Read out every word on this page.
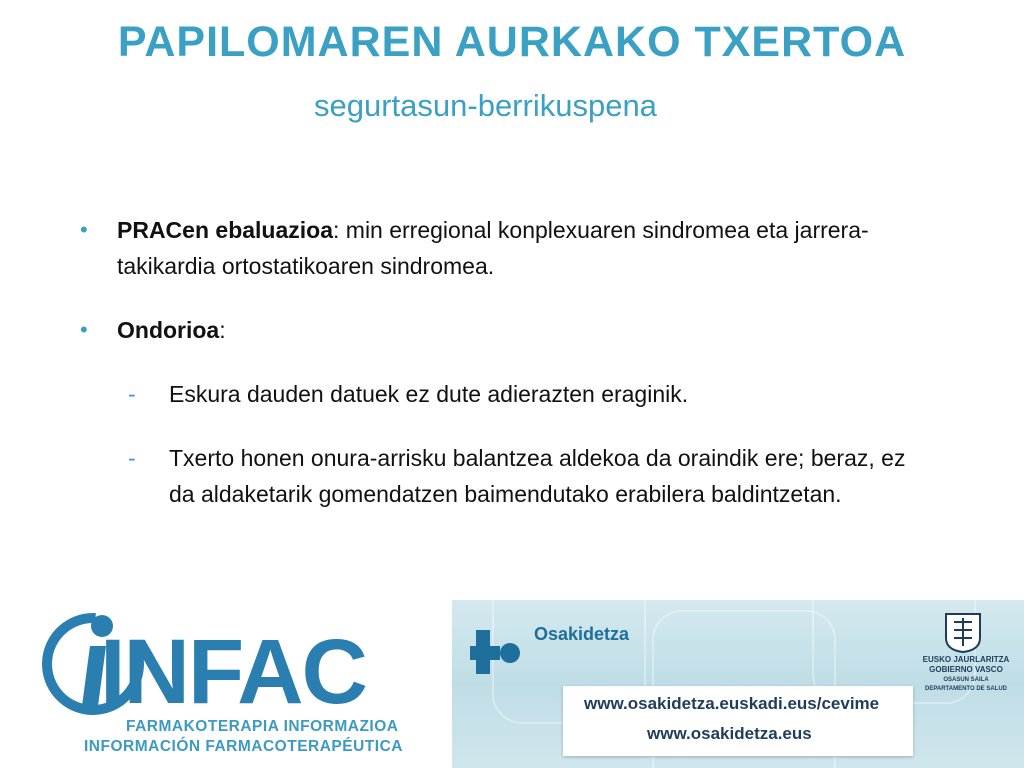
PAPILOMAREN AURKAKO TXERTOA
segurtasun-berrikuspena
• PRACen ebaluazioa: min erregional konplexuaren sindromea eta jarrera-takikardia ortostatikoaren sindromea.
• Ondorioa:
- Eskura dauden datuek ez dute adierazten eraginik.
- Txerto honen onura-arrisku balantzea aldekoa da oraindik ere; beraz, ez da aldaketarik gomendatzen baimendutako erabilera baldintzetan.
INFAC
FARMAKOTERAPIA INFORMAZIOA
INFORMACIÓN FARMACOTERAPÉUTICA
Osakidetza
www.osakidetza.euskadi.eus/cevime
www.osakidetza.eus
EUSKO JAURLARITZA
GOBIERNO VASCO
OSASUN SAILA
DEPARTAMENTO DE SALUD
